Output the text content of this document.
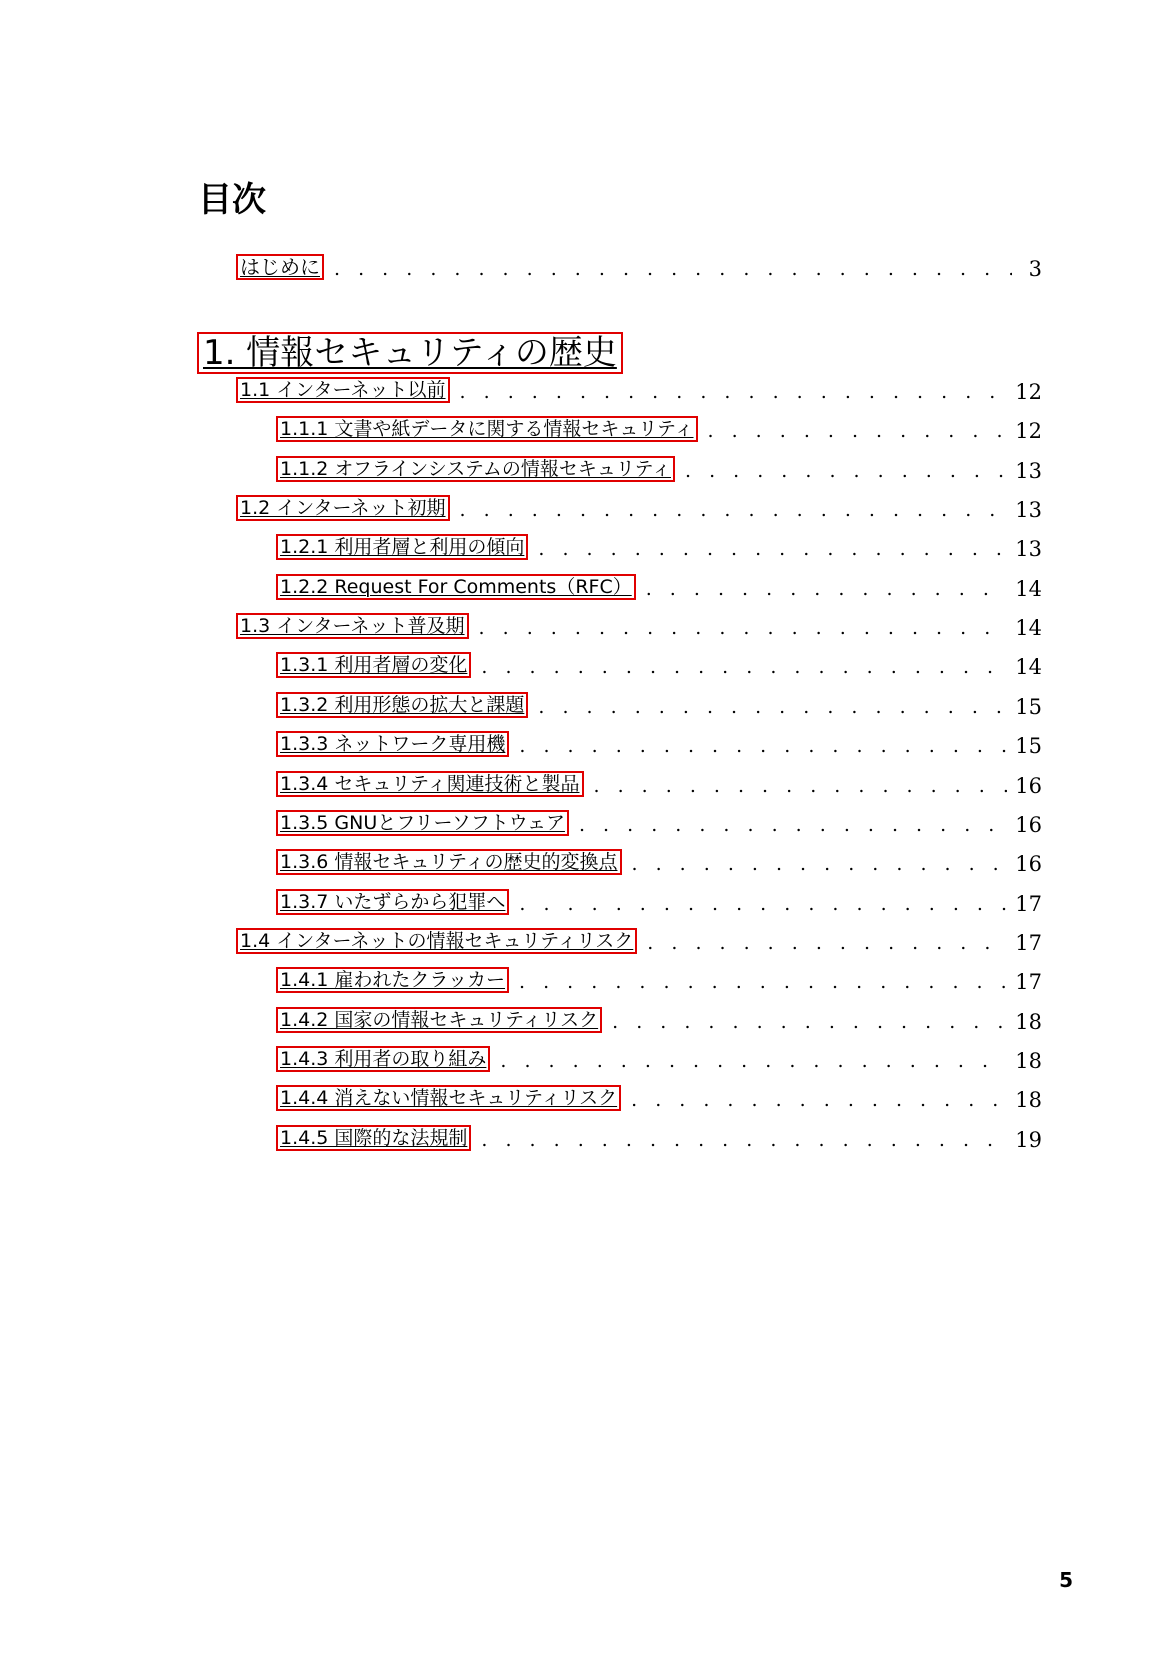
目次
はじめに . . .	3
1. 情報セキュリティの歴史
1.1 インターネット以前 . . .	12
1.1.1 文書や紙データに関する情報セキュリティ . . .	12
1.1.2 オフラインシステムの情報セキュリティ . . .	13
1.2 インターネット初期 . . .	13
1.2.1 利用者層と利用の傾向 . . .	13
1.2.2 Request For Comments（RFC） . . .	14
1.3 インターネット普及期 . . .	14
1.3.1 利用者層の変化 . . .	14
1.3.2 利用形態の拡大と課題 . . .	15
1.3.3 ネットワーク専用機 . . .	15
1.3.4 セキュリティ関連技術と製品 . . .	16
1.3.5 GNUとフリーソフトウェア . . .	16
1.3.6 情報セキュリティの歴史的変換点 . . .	16
1.3.7 いたずらから犯罪へ . . .	17
1.4 インターネットの情報セキュリティリスク . . .	17
1.4.1 雇われたクラッカー . . .	17
1.4.2 国家の情報セキュリティリスク . . .	18
1.4.3 利用者の取り組み . . .	18
1.4.4 消えない情報セキュリティリスク . . .	18
1.4.5 国際的な法規制 . . .	19
5
